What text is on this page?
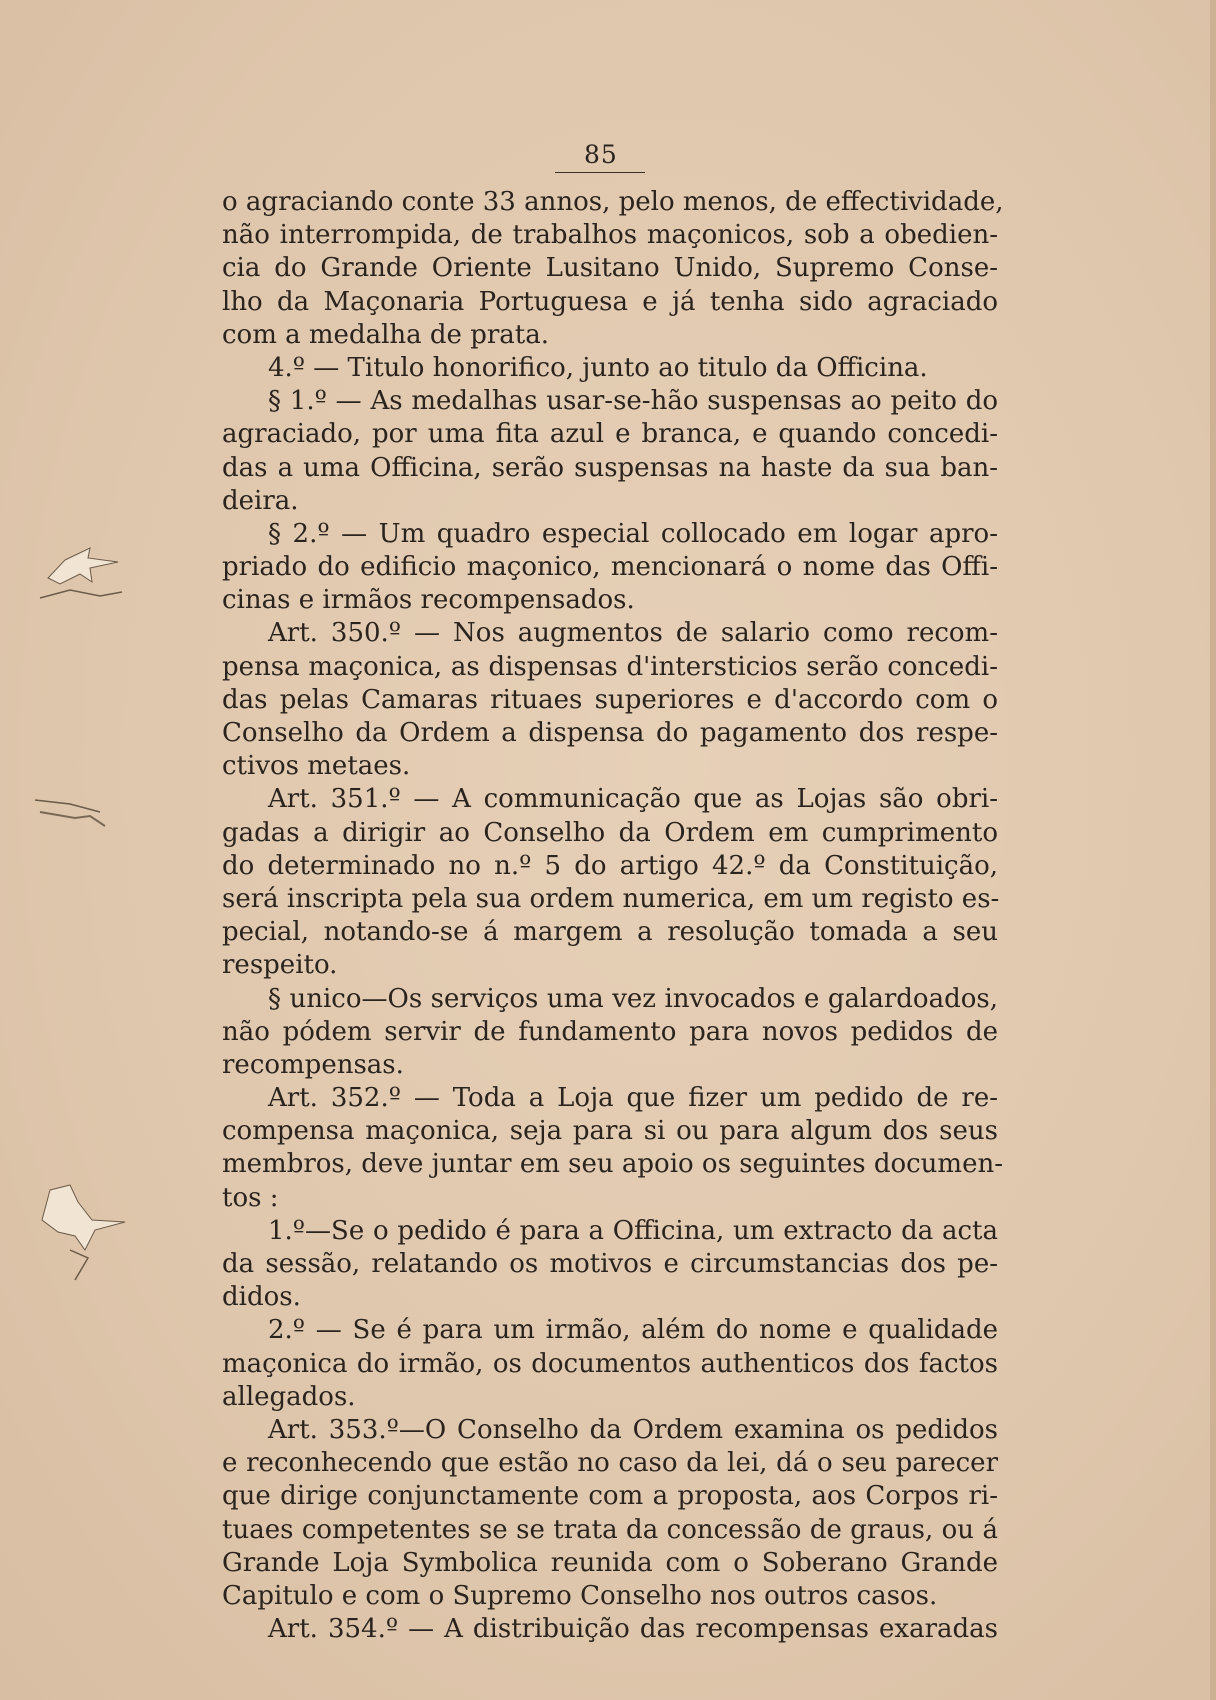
85
o agraciando conte 33 annos, pelo menos, de effectividade,
não interrompida, de trabalhos maçonicos, sob a obedien-
cia do Grande Oriente Lusitano Unido, Supremo Conse-
lho da Maçonaria Portuguesa e já tenha sido agraciado
com a medalha de prata.
4.º — Titulo honorifico, junto ao titulo da Officina.
§ 1.º — As medalhas usar-se-hão suspensas ao peito do
agraciado, por uma fita azul e branca, e quando concedi-
das a uma Officina, serão suspensas na haste da sua ban-
deira.
§ 2.º — Um quadro especial collocado em logar apro-
priado do edificio maçonico, mencionará o nome das Offi-
cinas e irmãos recompensados.
Art. 350.º — Nos augmentos de salario como recom-
pensa maçonica, as dispensas d'intersticios serão concedi-
das pelas Camaras rituaes superiores e d'accordo com o
Conselho da Ordem a dispensa do pagamento dos respe-
ctivos metaes.
Art. 351.º — A communicação que as Lojas são obri-
gadas a dirigir ao Conselho da Ordem em cumprimento
do determinado no n.º 5 do artigo 42.º da Constituição,
será inscripta pela sua ordem numerica, em um registo es-
pecial, notando-se á margem a resolução tomada a seu
respeito.
§ unico—Os serviços uma vez invocados e galardoados,
não pódem servir de fundamento para novos pedidos de
recompensas.
Art. 352.º — Toda a Loja que fizer um pedido de re-
compensa maçonica, seja para si ou para algum dos seus
membros, deve juntar em seu apoio os seguintes documen-
tos :
1.º—Se o pedido é para a Officina, um extracto da acta
da sessão, relatando os motivos e circumstancias dos pe-
didos.
2.º — Se é para um irmão, além do nome e qualidade
maçonica do irmão, os documentos authenticos dos factos
allegados.
Art. 353.º—O Conselho da Ordem examina os pedidos
e reconhecendo que estão no caso da lei, dá o seu parecer
que dirige conjunctamente com a proposta, aos Corpos ri-
tuaes competentes se se trata da concessão de graus, ou á
Grande Loja Symbolica reunida com o Soberano Grande
Capitulo e com o Supremo Conselho nos outros casos.
Art. 354.º — A distribuição das recompensas exaradas
